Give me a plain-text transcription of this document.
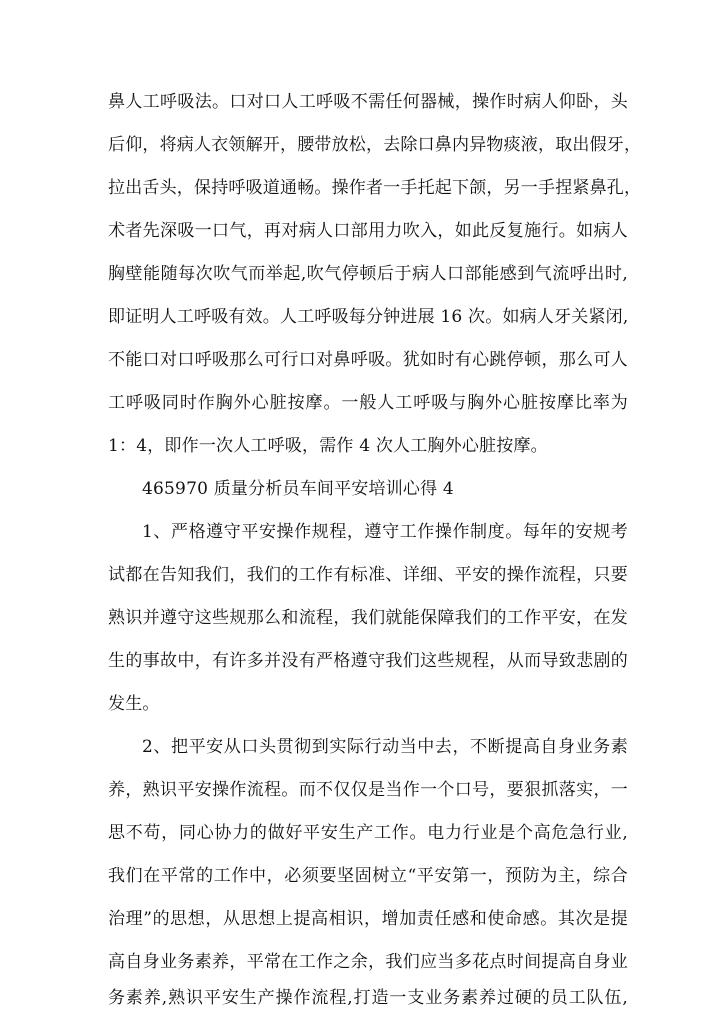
鼻人工呼吸法。口对口人工呼吸不需任何器械，操作时病人仰卧，头
后仰，将病人衣领解开，腰带放松，去除口鼻内异物痰液，取出假牙，
拉出舌头，保持呼吸道通畅。操作者一手托起下颌，另一手捏紧鼻孔，
术者先深吸一口气，再对病人口部用力吹入，如此反复施行。如病人
胸壁能随每次吹气而举起,吹气停顿后于病人口部能感到气流呼出时,
即证明人工呼吸有效。人工呼吸每分钟进展 16 次。如病人牙关紧闭,
不能口对口呼吸那么可行口对鼻呼吸。犹如时有心跳停顿，那么可人
工呼吸同时作胸外心脏按摩。一般人工呼吸与胸外心脏按摩比率为
1：4，即作一次人工呼吸，需作 4 次人工胸外心脏按摩。
465970 质量分析员车间平安培训心得 4
1、严格遵守平安操作规程，遵守工作操作制度。每年的安规考
试都在告知我们，我们的工作有标准、详细、平安的操作流程，只要
熟识并遵守这些规那么和流程，我们就能保障我们的工作平安，在发
生的事故中，有许多并没有严格遵守我们这些规程，从而导致悲剧的
发生。
2、把平安从口头贯彻到实际行动当中去，不断提高自身业务素
养，熟识平安操作流程。而不仅仅是当作一个口号，要狠抓落实，一
思不苟，同心协力的做好平安生产工作。电力行业是个高危急行业,
我们在平常的工作中，必须要坚固树立“平安第一，预防为主，综合
治理”的思想，从思想上提高相识，增加责任感和使命感。其次是提
高自身业务素养，平常在工作之余，我们应当多花点时间提高自身业
务素养,熟识平安生产操作流程,打造一支业务素养过硬的员工队伍,
